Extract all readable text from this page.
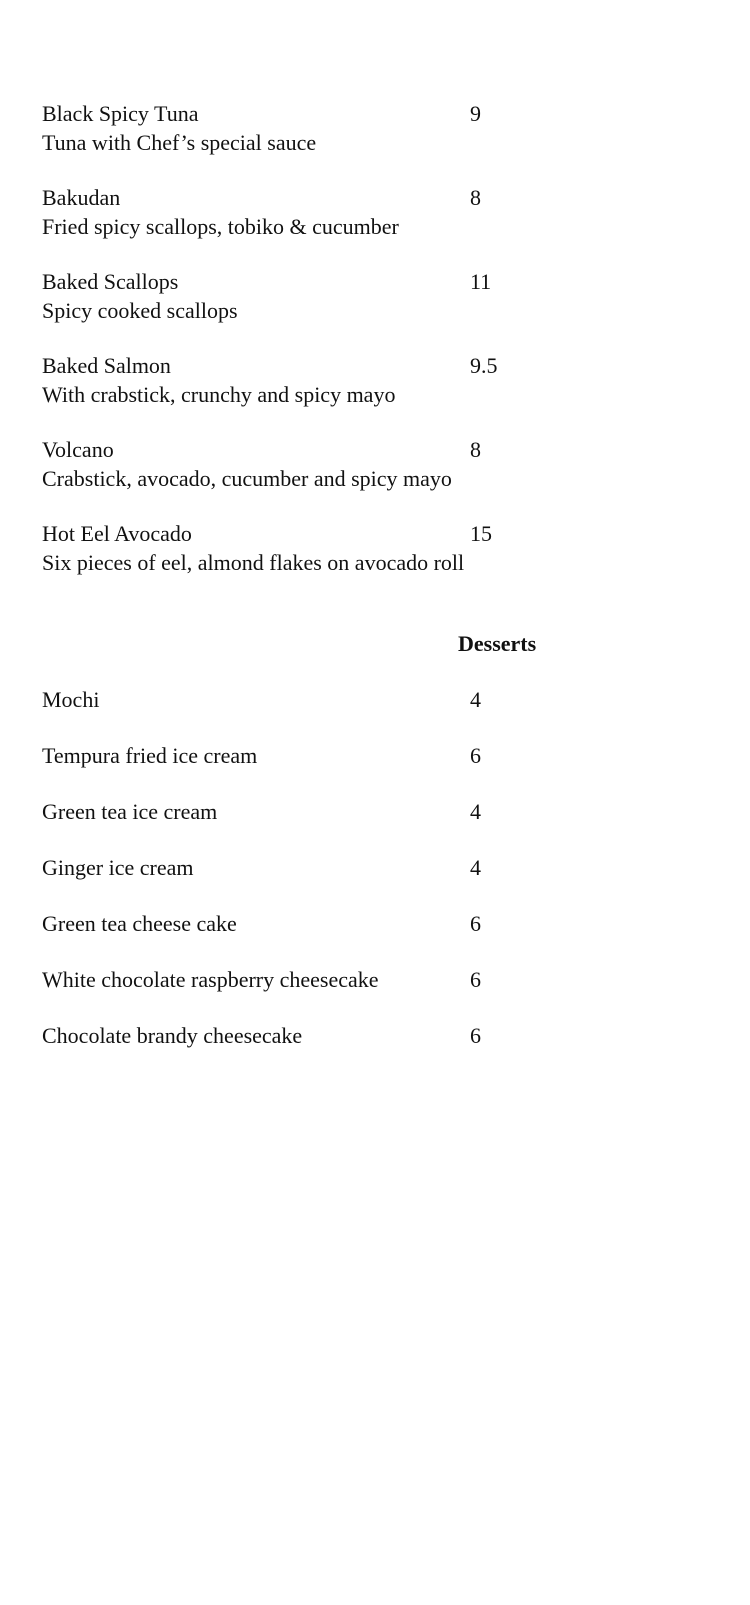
Black Spicy Tuna	9
Tuna with Chef’s special sauce
Bakudan	8
Fried spicy scallops, tobiko & cucumber
Baked Scallops	11
Spicy cooked scallops
Baked Salmon	9.5
With crabstick, crunchy and spicy mayo
Volcano	8
Crabstick, avocado, cucumber and spicy mayo
Hot Eel Avocado	15
Six pieces of eel, almond flakes on avocado roll
Desserts
Mochi	4
Tempura fried ice cream	6
Green tea ice cream	4
Ginger ice cream	4
Green tea cheese cake	6
White chocolate raspberry cheesecake	6
Chocolate brandy cheesecake	6
